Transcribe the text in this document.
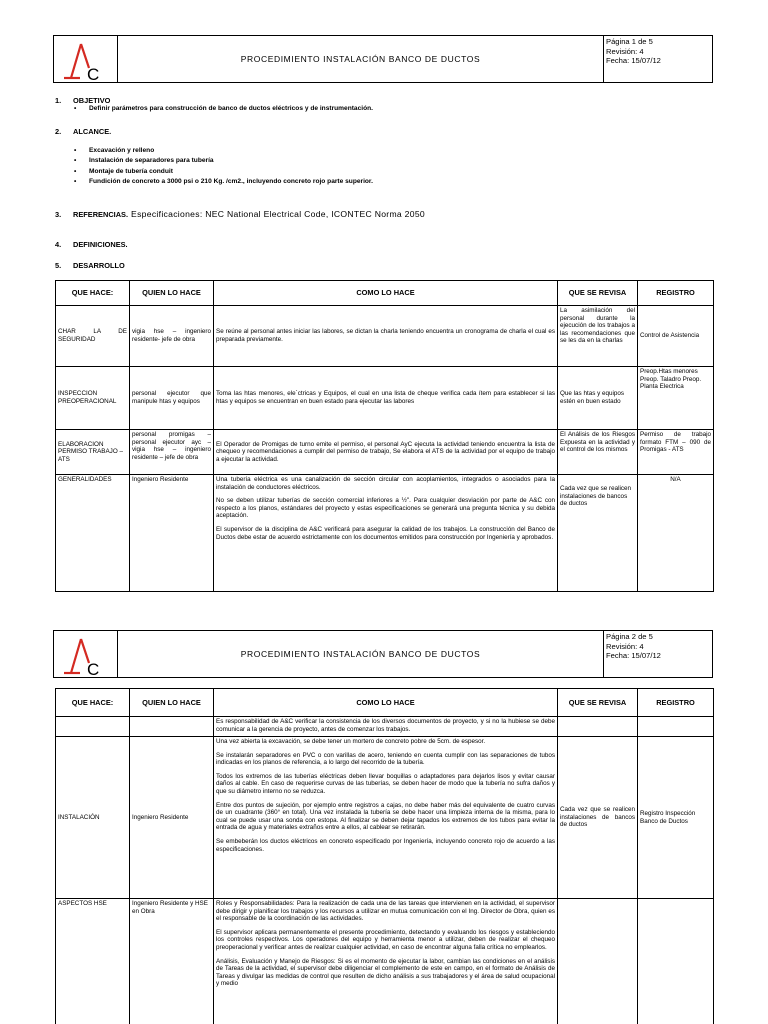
C
PROCEDIMIENTO INSTALACIÓN BANCO DE DUCTOS
Página 1 de 5
Revisión: 4
Fecha: 15/07/12
1. OBJETIVO
• Definir parámetros para construcción de banco de ductos eléctricos y de instrumentación.
2. ALCANCE.
• Excavación y relleno
• Instalación de separadores para tubería
• Montaje de tubería conduit
• Fundición de concreto a 3000 psi o 210 Kg. /cm2., incluyendo concreto rojo parte superior.
3. REFERENCIAS. Especificaciones: NEC National Electrical Code, ICONTEC Norma 2050
4. DEFINICIONES.
5. DESARROLLO
QUE HACE:	QUIEN LO HACE	COMO LO HACE	QUE SE REVISA	REGISTRO
CHAR LA DE SEGURIDAD	vigia hse – ingeniero residente- jefe de obra	Se reúne al personal antes iniciar las labores, se dictan la charla teniendo encuentra un cronograma de charla el cual es preparada previamente.	La asimilación del personal durante la ejecución de los trabajos a las recomendaciones que se les da en la charlas	Control de Asistencia
INSPECCION PREOPERACIONAL	personal ejecutor que manipule htas y equipos	Toma las htas menores, ele´ctricas y Equipos, el cual en una lista de cheque verifica cada ítem para establecer si las htas y equipos se encuentran en buen estado para ejecutar las labores	Que las htas y equipos estén en buen estado	Preop.Htas menores Preop. Taladro Preop. Planta Electrica
ELABORACION PERMISO TRABAJO – ATS	personal promigas – personal ejecutor ayc – vigia hse – ingeniero residente – jefe de obra	El Operador de Promigas de turno emite el permiso, el personal AyC ejecuta la actividad teniendo encuentra la lista de chequeo y recomendaciones a cumplir del permiso de trabajo, Se elabora el ATS de la actividad por el equipo de trabajo a ejecutar la actividad.	El Análisis de los Riesgos Expuesta en la actividad y el control de los mismos	Permiso de trabajo formato FTM – 090 de Promigas - ATS
GENERALIDADES	Ingeniero Residente	Una tubería eléctrica es una canalización de sección circular con acoplamientos, integrados o asociados para la instalación de conductores eléctricos.

No se deben utilizar tuberías de sección comercial inferiores a ½". Para cualquier desviación por parte de A&C con respecto a los planos, estándares del proyecto y estas especificaciones se generará una pregunta técnica y su debida aceptación.

El supervisor de la disciplina de A&C verificará para asegurar la calidad de los trabajos. La construcción del Banco de Ductos debe estar de acuerdo estrictamente con los documentos emitidos para construcción por Ingeniería y aprobados.	Cada vez que se realicen instalaciones de bancos de ductos	N/A
C
PROCEDIMIENTO INSTALACIÓN BANCO DE DUCTOS
Página 2 de 5
Revisión: 4
Fecha: 15/07/12
QUE HACE:	QUIEN LO HACE	COMO LO HACE	QUE SE REVISA	REGISTRO
		Es responsabilidad de A&C verificar la consistencia de los diversos documentos de proyecto, y si no la hubiese se debe comunicar a la gerencia de proyecto, antes de comenzar los trabajos.		
INSTALACIÓN	Ingeniero Residente	Una vez abierta la excavación, se debe tener un mortero de concreto pobre de 5cm. de espesor.

Se instalarán separadores en PVC o con varillas de acero, teniendo en cuenta cumplir con las separaciones de tubos indicadas en los planos de referencia, a lo largo del recorrido de la tubería.

Todos los extremos de las tuberías eléctricas deben llevar boquillas o adaptadores para dejarlos lisos y evitar causar daños al cable. En caso de requerirse curvas de las tuberías, se deben hacer de modo que la tubería no sufra daños y que su diámetro interno no se reduzca.

Entre dos puntos de sujeción, por ejemplo entre registros a cajas, no debe haber más del equivalente de cuatro curvas de un cuadrante (360° en total). Una vez instalada la tubería se debe hacer una limpieza interna de la misma, para lo cual se puede usar una sonda con estopa. Al finalizar se deben dejar tapados los extremos de los tubos para evitar la entrada de agua y materiales extraños entre a ellos, al cablear se retirarán.

Se embeberán los ductos eléctricos en concreto especificado por Ingeniería, incluyendo concreto rojo de acuerdo a las especificaciones.	Cada vez que se realicen instalaciones de bancos de ductos	Registro Inspección Banco de Ductos
ASPECTOS HSE	Ingeniero Residente y HSE en Obra	Roles y Responsabilidades: Para la realización de cada una de las tareas que intervienen en la actividad, el supervisor debe dirigir y planificar los trabajos y los recursos a utilizar en mutua comunicación con el Ing. Director de Obra, quien es el responsable de la coordinación de las actividades.

El supervisor aplicara permanentemente el presente procedimiento, detectando y evaluando los riesgos y estableciendo los controles respectivos. Los operadores del equipo y herramienta menor a utilizar, deben de realizar el chequeo preoperacional y verificar antes de realizar cualquier actividad, en caso de encontrar alguna falla crítica no emplearlos.

Análisis, Evaluación y Manejo de Riesgos: Si es el momento de ejecutar la labor, cambian las condiciones en el análisis de Tareas de la actividad, el supervisor debe diligenciar el complemento de este en campo, en el formato de Análisis de Tareas y divulgar las medidas de control que resulten de dicho análisis a sus trabajadores y el área de salud ocupacional y medio		
